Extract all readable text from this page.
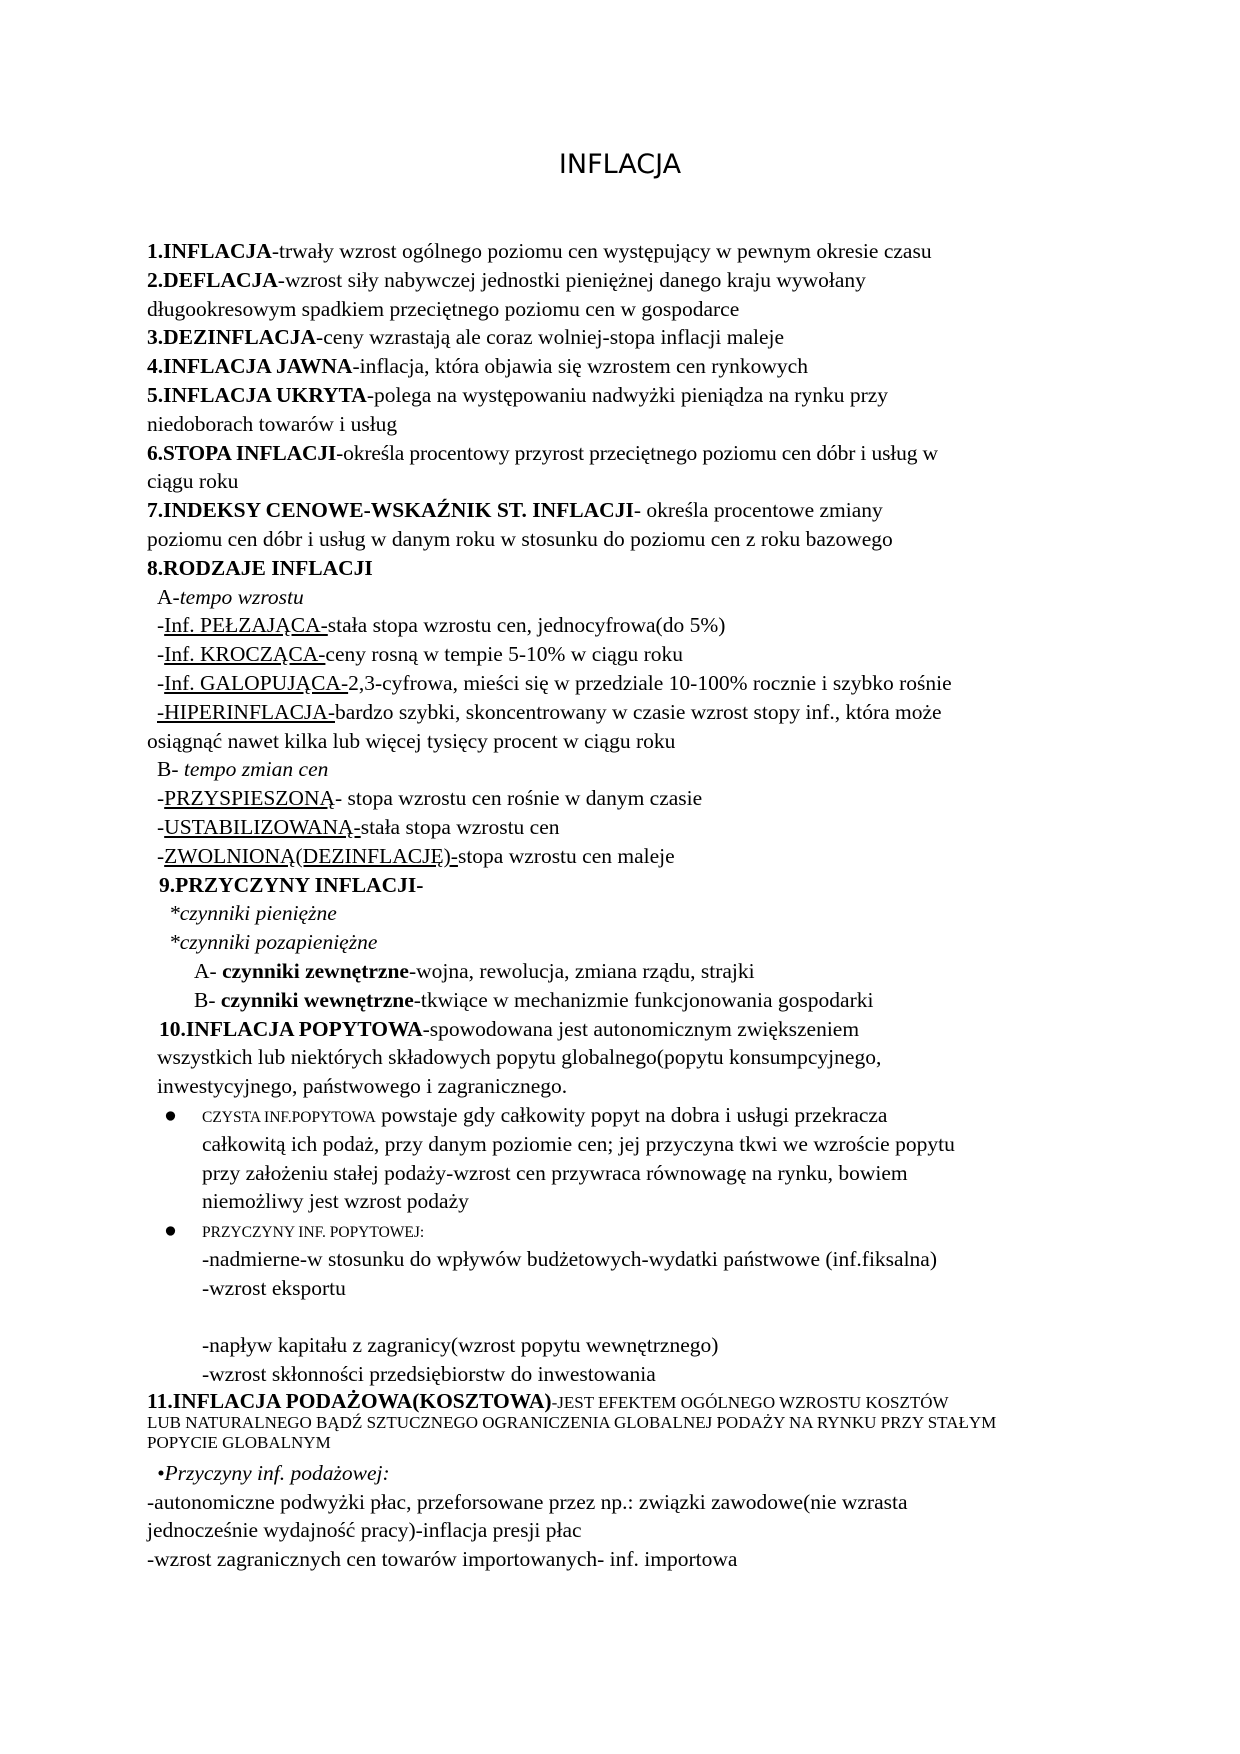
INFLACJA
1.INFLACJA-trwały wzrost ogólnego poziomu cen występujący w pewnym okresie czasu
2.DEFLACJA-wzrost siły nabywczej jednostki pieniężnej danego kraju wywołany
długookresowym spadkiem przeciętnego poziomu cen w gospodarce
3.DEZINFLACJA-ceny wzrastają ale coraz wolniej-stopa inflacji maleje
4.INFLACJA JAWNA-inflacja, która objawia się wzrostem cen rynkowych
5.INFLACJA UKRYTA-polega na występowaniu nadwyżki pieniądza na rynku przy
niedoborach towarów i usług
6.STOPA INFLACJI-określa procentowy przyrost przeciętnego poziomu cen dóbr i usług w
ciągu roku
7.INDEKSY CENOWE-WSKAŹNIK ST. INFLACJI- określa procentowe zmiany
poziomu cen dóbr i usług w danym roku w stosunku do poziomu cen z roku bazowego
8.RODZAJE INFLACJI
A-tempo wzrostu
-Inf. PEŁZAJĄCA-stała stopa wzrostu cen, jednocyfrowa(do 5%)
-Inf. KROCZĄCA-ceny rosną w tempie 5-10% w ciągu roku
-Inf. GALOPUJĄCA-2,3-cyfrowa, mieści się w przedziale 10-100% rocznie i szybko rośnie
-HIPERINFLACJA-bardzo szybki, skoncentrowany w czasie wzrost stopy inf., która może
osiągnąć nawet kilka lub więcej tysięcy procent w ciągu roku
B- tempo zmian cen
-PRZYSPIESZONĄ- stopa wzrostu cen rośnie w danym czasie
-USTABILIZOWANĄ-stała stopa wzrostu cen
-ZWOLNIONĄ(DEZINFLACJĘ)-stopa wzrostu cen maleje
9.PRZYCZYNY INFLACJI-
*czynniki pieniężne
*czynniki pozapieniężne
A- czynniki zewnętrzne-wojna, rewolucja, zmiana rządu, strajki
B- czynniki wewnętrzne-tkwiące w mechanizmie funkcjonowania gospodarki
10.INFLACJA POPYTOWA-spowodowana jest autonomicznym zwiększeniem
wszystkich lub niektórych składowych popytu globalnego(popytu konsumpcyjnego,
inwestycyjnego, państwowego i zagranicznego.
● CZYSTA INF.POPYTOWA powstaje gdy całkowity popyt na dobra i usługi przekracza
całkowitą ich podaż, przy danym poziomie cen; jej przyczyna tkwi we wzroście popytu
przy założeniu stałej podaży-wzrost cen przywraca równowagę na rynku, bowiem
niemożliwy jest wzrost podaży
● PRZYCZYNY INF. POPYTOWEJ:
-nadmierne-w stosunku do wpływów budżetowych-wydatki państwowe (inf.fiksalna)
-wzrost eksportu
-napływ kapitału z zagranicy(wzrost popytu wewnętrznego)
-wzrost skłonności przedsiębiorstw do inwestowania
11.INFLACJA PODAŻOWA(KOSZTOWA)-JEST EFEKTEM OGÓLNEGO WZROSTU KOSZTÓW
LUB NATURALNEGO BĄDŹ SZTUCZNEGO OGRANICZENIA GLOBALNEJ PODAŻY NA RYNKU PRZY STAŁYM
POPYCIE GLOBALNYM
•Przyczyny inf. podażowej:
-autonomiczne podwyżki płac, przeforsowane przez np.: związki zawodowe(nie wzrasta
jednocześnie wydajność pracy)-inflacja presji płac
-wzrost zagranicznych cen towarów importowanych- inf. importowa
